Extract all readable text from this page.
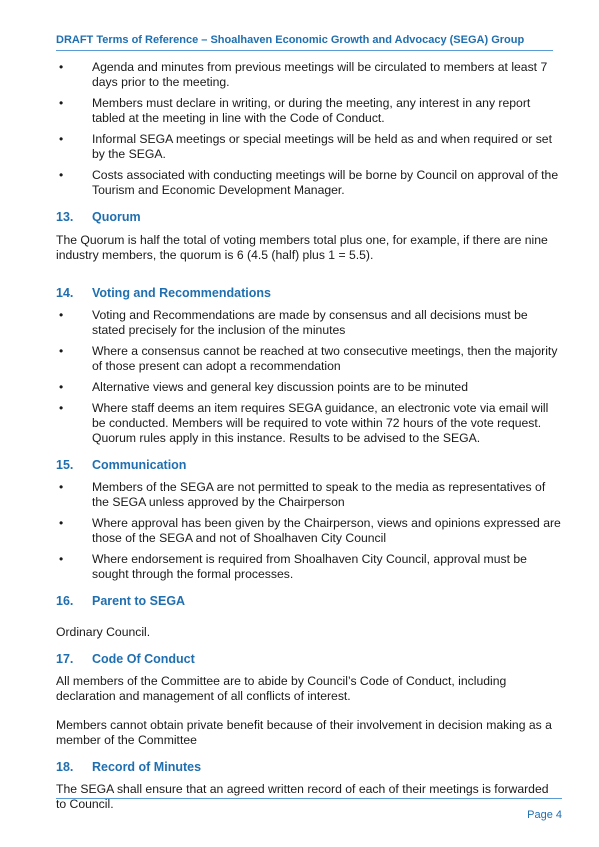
DRAFT Terms of Reference – Shoalhaven Economic Growth and Advocacy (SEGA) Group
• Agenda and minutes from previous meetings will be circulated to members at least 7 days prior to the meeting.
• Members must declare in writing, or during the meeting, any interest in any report tabled at the meeting in line with the Code of Conduct.
• Informal SEGA meetings or special meetings will be held as and when required or set by the SEGA.
• Costs associated with conducting meetings will be borne by Council on approval of the Tourism and Economic Development Manager.
13. Quorum

The Quorum is half the total of voting members total plus one, for example, if there are nine industry members, the quorum is 6 (4.5 (half) plus 1 = 5.5).

14. Voting and Recommendations
• Voting and Recommendations are made by consensus and all decisions must be stated precisely for the inclusion of the minutes
• Where a consensus cannot be reached at two consecutive meetings, then the majority of those present can adopt a recommendation
• Alternative views and general key discussion points are to be minuted
• Where staff deems an item requires SEGA guidance, an electronic vote via email will be conducted. Members will be required to vote within 72 hours of the vote request. Quorum rules apply in this instance. Results to be advised to the SEGA.
15. Communication
• Members of the SEGA are not permitted to speak to the media as representatives of the SEGA unless approved by the Chairperson
• Where approval has been given by the Chairperson, views and opinions expressed are those of the SEGA and not of Shoalhaven City Council
• Where endorsement is required from Shoalhaven City Council, approval must be sought through the formal processes.
16. Parent to SEGA

Ordinary Council.

17. Code Of Conduct

All members of the Committee are to abide by Council’s Code of Conduct, including declaration and management of all conflicts of interest.

Members cannot obtain private benefit because of their involvement in decision making as a member of the Committee

18. Record of Minutes

The SEGA shall ensure that an agreed written record of each of their meetings is forwarded to Council.

Page 4
